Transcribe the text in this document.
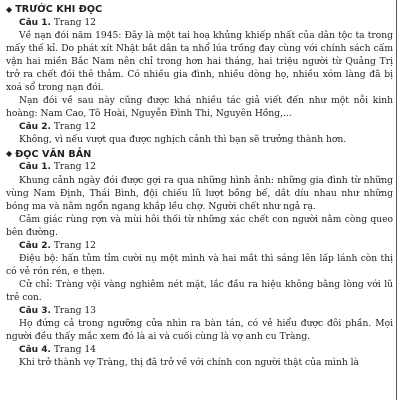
◆ TRƯỚC KHI ĐỌC

Câu 1. Trang 12

Về nạn đói năm 1945: Đây là một tai hoạ khủng khiếp nhất của dân tộc ta trong mấy thế kỉ. Do phát xít Nhật bắt dân ta nhổ lúa trồng đay cùng với chính sách cấm vận hai miền Bắc Nam nên chỉ trong hơn hai tháng, hai triệu người từ Quảng Trị trở ra chết đói thê thảm. Có nhiều gia đình, nhiều dòng họ, nhiều xóm làng đã bị xoá sổ trong nạn đói.

Nạn đói về sau này cũng được khá nhiều tác giả viết đến như một nỗi kinh hoàng: Nam Cao, Tô Hoài, Nguyễn Đình Thi, Nguyên Hồng,...

Câu 2. Trang 12

Không, vì nếu vượt qua được nghịch cảnh thì bạn sẽ trưởng thành hơn.

◆ ĐỌC VĂN BẢN

Câu 1. Trang 12

Khung cảnh ngày đói được gợi ra qua những hình ảnh: những gia đình từ những vùng Nam Định, Thái Bình, đội chiếu lũ lượt bồng bế, dắt díu nhau như những bóng ma và nằm ngổn ngang khắp lều chợ. Người chết như ngả rạ.

Cảm giác rùng rợn và mùi hôi thối từ những xác chết con người nằm còng queo bên đường.

Câu 2. Trang 12

Điệu bộ: hấn tủm tỉm cười nụ một mình và hai mắt thì sáng lên lấp lánh còn thị có vẻ rón rén, e thẹn.

Cử chỉ: Tràng vội vàng nghiêm nét mặt, lắc đầu ra hiệu không bằng lòng với lũ trẻ con.

Câu 3. Trang 13

Họ đứng cả trong ngưỡng cửa nhìn ra bàn tán, có vẻ hiểu được đôi phần. Mọi người đều thấy mắc xem đó là ai và cuối cùng là vợ anh cu Tràng.

Câu 4. Trang 14

Khi trở thành vợ Tràng, thị đã trở về với chính con người thật của mình là
